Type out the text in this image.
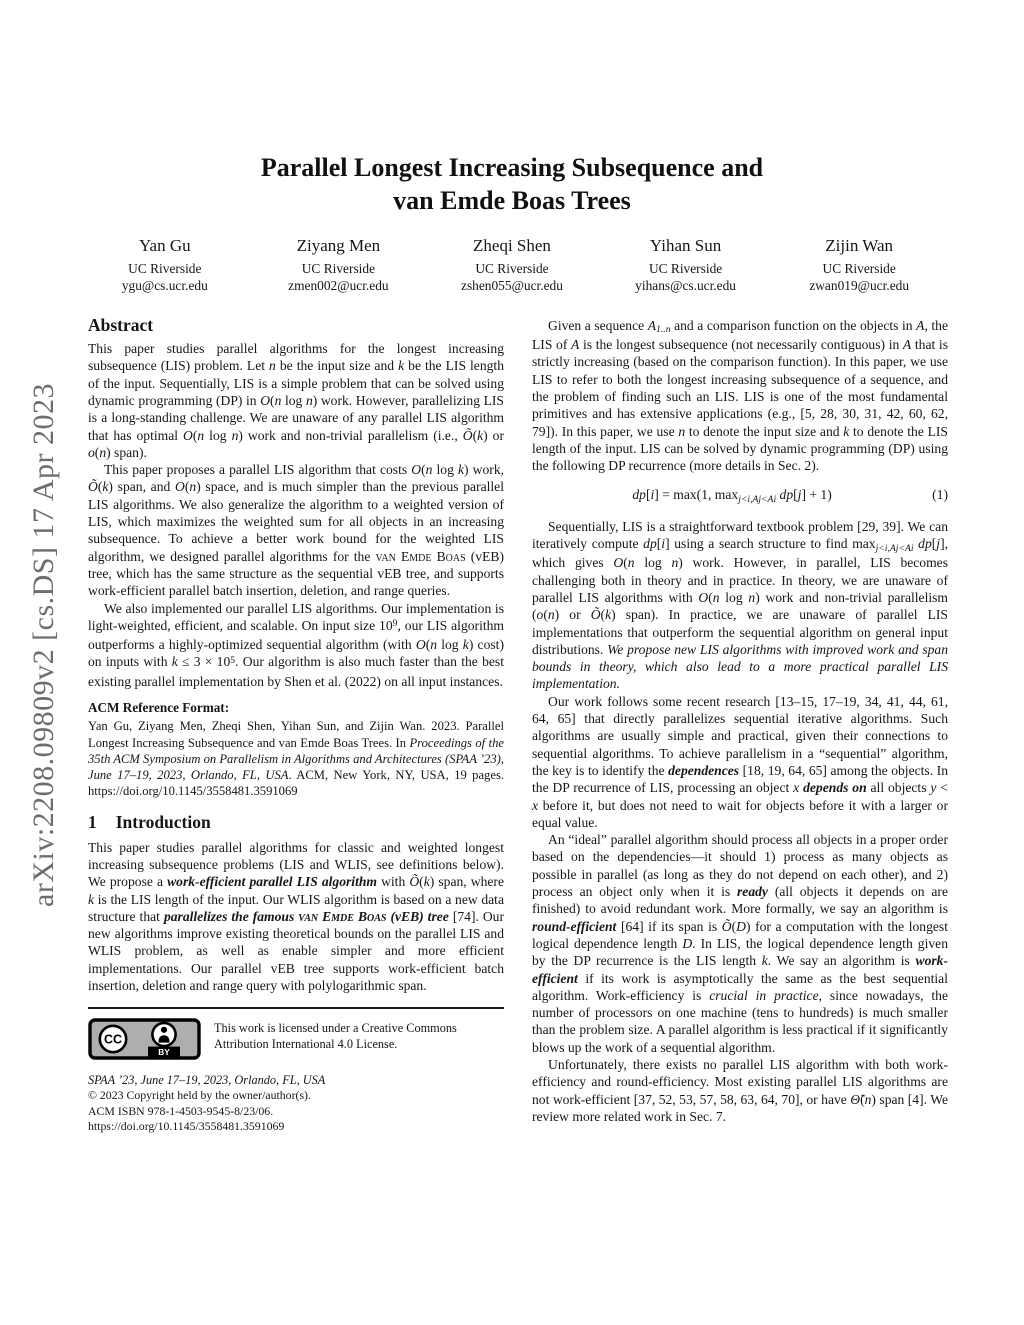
arXiv:2208.09809v2 [cs.DS] 17 Apr 2023
Parallel Longest Increasing Subsequence and
van Emde Boas Trees
Yan Gu
UC Riverside
ygu@cs.ucr.edu
Ziyang Men
UC Riverside
zmen002@ucr.edu
Zheqi Shen
UC Riverside
zshen055@ucr.edu
Yihan Sun
UC Riverside
yihans@cs.ucr.edu
Zijin Wan
UC Riverside
zwan019@ucr.edu
Abstract

This paper studies parallel algorithms for the longest increasing subsequence (LIS) problem. Let n be the input size and k be the LIS length of the input. Sequentially, LIS is a simple problem that can be solved using dynamic programming (DP) in O(n log n) work. However, parallelizing LIS is a long-standing challenge. We are unaware of any parallel LIS algorithm that has optimal O(n log n) work and non-trivial parallelism (i.e., Õ(k) or o(n) span).

This paper proposes a parallel LIS algorithm that costs O(n log k) work, Õ(k) span, and O(n) space, and is much simpler than the previous parallel LIS algorithms. We also generalize the algorithm to a weighted version of LIS, which maximizes the weighted sum for all objects in an increasing subsequence. To achieve a better work bound for the weighted LIS algorithm, we designed parallel algorithms for the van Emde Boas (vEB) tree, which has the same structure as the sequential vEB tree, and supports work-efficient parallel batch insertion, deletion, and range queries.

We also implemented our parallel LIS algorithms. Our implementation is light-weighted, efficient, and scalable. On input size $10^9$, our LIS algorithm outperforms a highly-optimized sequential algorithm (with O(n log k) cost) on inputs with $k \le 3 \times 10^5$. Our algorithm is also much faster than the best existing parallel implementation by Shen et al. (2022) on all input instances.

ACM Reference Format:

Yan Gu, Ziyang Men, Zheqi Shen, Yihan Sun, and Zijin Wan. 2023. Parallel Longest Increasing Subsequence and van Emde Boas Trees. In Proceedings of the 35th ACM Symposium on Parallelism in Algorithms and Architectures (SPAA ’23), June 17–19, 2023, Orlando, FL, USA. ACM, New York, NY, USA, 19 pages. https://doi.org/10.1145/3558481.3591069

1 Introduction

This paper studies parallel algorithms for classic and weighted longest increasing subsequence problems (LIS and WLIS, see definitions below). We propose a work-efficient parallel LIS algorithm with Õ(k) span, where k is the LIS length of the input. Our WLIS algorithm is based on a new data structure that parallelizes the famous van Emde Boas (vEB) tree [74]. Our new algorithms improve existing theoretical bounds on the parallel LIS and WLIS problem, as well as enable simpler and more efficient implementations. Our parallel vEB tree supports work-efficient batch insertion, deletion and range query with polylogarithmic span.

CC
BY
This work is licensed under a Creative Commons Attribution International 4.0 License.
SPAA ’23, June 17–19, 2023, Orlando, FL, USA
© 2023 Copyright held by the owner/author(s).
ACM ISBN 978-1-4503-9545-8/23/06.
https://doi.org/10.1145/3558481.3591069

Given a sequence A1..n and a comparison function on the objects in A, the LIS of A is the longest subsequence (not necessarily contiguous) in A that is strictly increasing (based on the comparison function). In this paper, we use LIS to refer to both the longest increasing subsequence of a sequence, and the problem of finding such an LIS. LIS is one of the most fundamental primitives and has extensive applications (e.g., [5, 28, 30, 31, 42, 60, 62, 79]). In this paper, we use n to denote the input size and k to denote the LIS length of the input. LIS can be solved by dynamic programming (DP) using the following DP recurrence (more details in Sec. 2).

dp[i] = max(1, maxj<i,Aj<Ai dp[j] + 1)	(1)

Sequentially, LIS is a straightforward textbook problem [29, 39]. We can iteratively compute dp[i] using a search structure to find maxj<i,Aj<Ai dp[j], which gives O(n log n) work. However, in parallel, LIS becomes challenging both in theory and in practice. In theory, we are unaware of parallel LIS algorithms with O(n log n) work and non-trivial parallelism (o(n) or Õ(k) span). In practice, we are unaware of parallel LIS implementations that outperform the sequential algorithm on general input distributions. We propose new LIS algorithms with improved work and span bounds in theory, which also lead to a more practical parallel LIS implementation.

Our work follows some recent research [13–15, 17–19, 34, 41, 44, 61, 64, 65] that directly parallelizes sequential iterative algorithms. Such algorithms are usually simple and practical, given their connections to sequential algorithms. To achieve parallelism in a “sequential” algorithm, the key is to identify the dependences [18, 19, 64, 65] among the objects. In the DP recurrence of LIS, processing an object x depends on all objects y < x before it, but does not need to wait for objects before it with a larger or equal value.

An “ideal” parallel algorithm should process all objects in a proper order based on the dependencies—it should 1) process as many objects as possible in parallel (as long as they do not depend on each other), and 2) process an object only when it is ready (all objects it depends on are finished) to avoid redundant work. More formally, we say an algorithm is round-efficient [64] if its span is Õ(D) for a computation with the longest logical dependence length D. In LIS, the logical dependence length given by the DP recurrence is the LIS length k. We say an algorithm is work-efficient if its work is asymptotically the same as the best sequential algorithm. Work-efficiency is crucial in practice, since nowadays, the number of processors on one machine (tens to hundreds) is much smaller than the problem size. A parallel algorithm is less practical if it significantly blows up the work of a sequential algorithm.

Unfortunately, there exists no parallel LIS algorithm with both work-efficiency and round-efficiency. Most existing parallel LIS algorithms are not work-efficient [37, 52, 53, 57, 58, 63, 64, 70], or have Θ̃(n) span [4]. We review more related work in Sec. 7.
